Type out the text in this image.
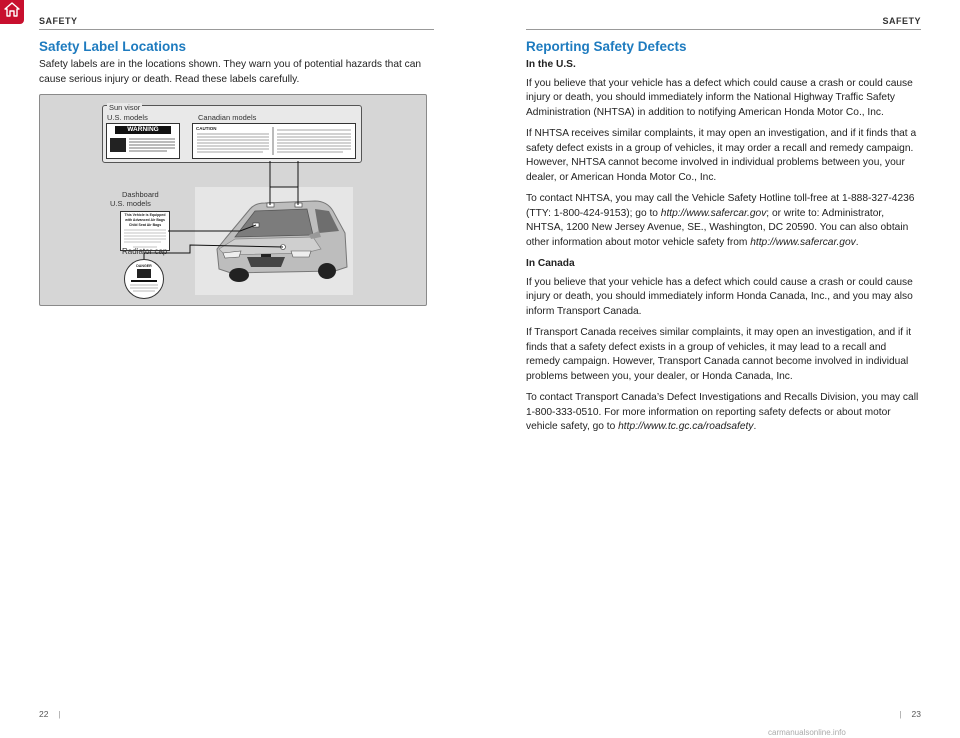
SAFETY	SAFETY
Safety Label Locations

Safety labels are in the locations shown. They warn you of potential hazards that can cause serious injury or death. Read these labels carefully.

Sun visor
U.S. models	Canadian models
WARNING	CAUTION
Dashboard
U.S. models
This Vehicle is Equipped with Advanced Air Bags
Child Seat Air Bags
Radiator cap
DANGER
22 |
Reporting Safety Defects

In the U.S.

If you believe that your vehicle has a defect which could cause a crash or could cause injury or death, you should immediately inform the National Highway Traffic Safety Administration (NHTSA) in addition to notifying American Honda Motor Co., Inc.

If NHTSA receives similar complaints, it may open an investigation, and if it finds that a safety defect exists in a group of vehicles, it may order a recall and remedy campaign. However, NHTSA cannot become involved in individual problems between you, your dealer, or American Honda Motor Co., Inc.

To contact NHTSA, you may call the Vehicle Safety Hotline toll-free at 1-888-327-4236 (TTY: 1-800-424-9153); go to http://www.safercar.gov; or write to: Administrator, NHTSA, 1200 New Jersey Avenue, SE., Washington, DC 20590. You can also obtain other information about motor vehicle safety from http://www.safercar.gov.

In Canada

If you believe that your vehicle has a defect which could cause a crash or could cause injury or death, you should immediately inform Honda Canada, Inc., and you may also inform Transport Canada.

If Transport Canada receives similar complaints, it may open an investigation, and if it finds that a safety defect exists in a group of vehicles, it may lead to a recall and remedy campaign. However, Transport Canada cannot become involved in individual problems between you, your dealer, or Honda Canada, Inc.

To contact Transport Canada’s Defect Investigations and Recalls Division, you may call 1-800-333-0510. For more information on reporting safety defects or about motor vehicle safety, go to http://www.tc.gc.ca/roadsafety.

| 23
carmanualsonline.info
